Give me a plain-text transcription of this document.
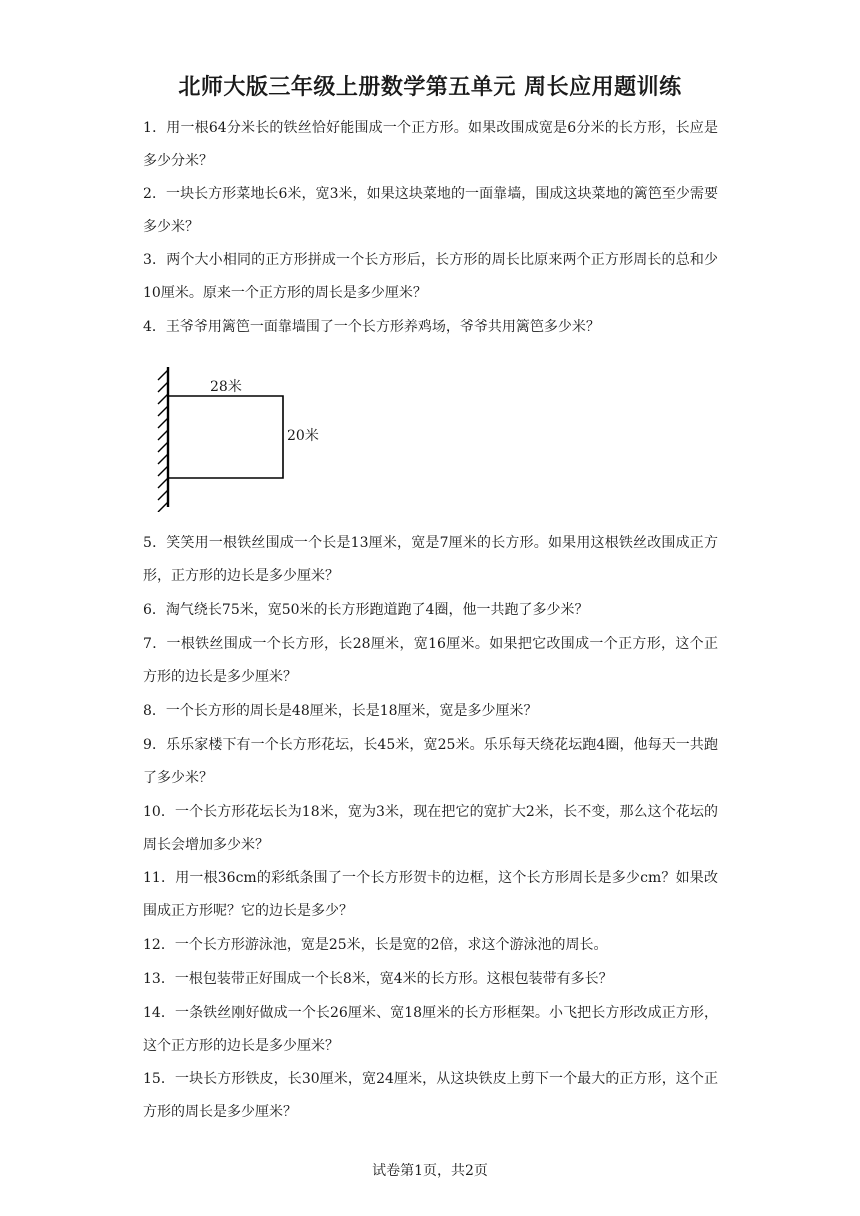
北师大版三年级上册数学第五单元 周长应用题训练

1．用一根64分米长的铁丝恰好能围成一个正方形。如果改围成宽是6分米的长方形，长应是多少分米？

2．一块长方形菜地长6米，宽3米，如果这块菜地的一面靠墙，围成这块菜地的篱笆至少需要多少米？

3．两个大小相同的正方形拼成一个长方形后，长方形的周长比原来两个正方形周长的总和少10厘米。原来一个正方形的周长是多少厘米？

4．王爷爷用篱笆一面靠墙围了一个长方形养鸡场，爷爷共用篱笆多少米？

28米
20米

5．笑笑用一根铁丝围成一个长是13厘米，宽是7厘米的长方形。如果用这根铁丝改围成正方形，正方形的边长是多少厘米？

6．淘气绕长75米，宽50米的长方形跑道跑了4圈，他一共跑了多少米？

7．一根铁丝围成一个长方形，长28厘米，宽16厘米。如果把它改围成一个正方形，这个正方形的边长是多少厘米？

8．一个长方形的周长是48厘米，长是18厘米，宽是多少厘米？

9．乐乐家楼下有一个长方形花坛，长45米，宽25米。乐乐每天绕花坛跑4圈，他每天一共跑了多少米？

10．一个长方形花坛长为18米，宽为3米，现在把它的宽扩大2米，长不变，那么这个花坛的周长会增加多少米？

11．用一根36cm的彩纸条围了一个长方形贺卡的边框，这个长方形周长是多少cm？如果改围成正方形呢？它的边长是多少？

12．一个长方形游泳池，宽是25米，长是宽的2倍，求这个游泳池的周长。

13．一根包装带正好围成一个长8米，宽4米的长方形。这根包装带有多长？

14．一条铁丝刚好做成一个长26厘米、宽18厘米的长方形框架。小飞把长方形改成正方形，这个正方形的边长是多少厘米？

15．一块长方形铁皮，长30厘米，宽24厘米，从这块铁皮上剪下一个最大的正方形，这个正方形的周长是多少厘米？

试卷第1页，共2页
